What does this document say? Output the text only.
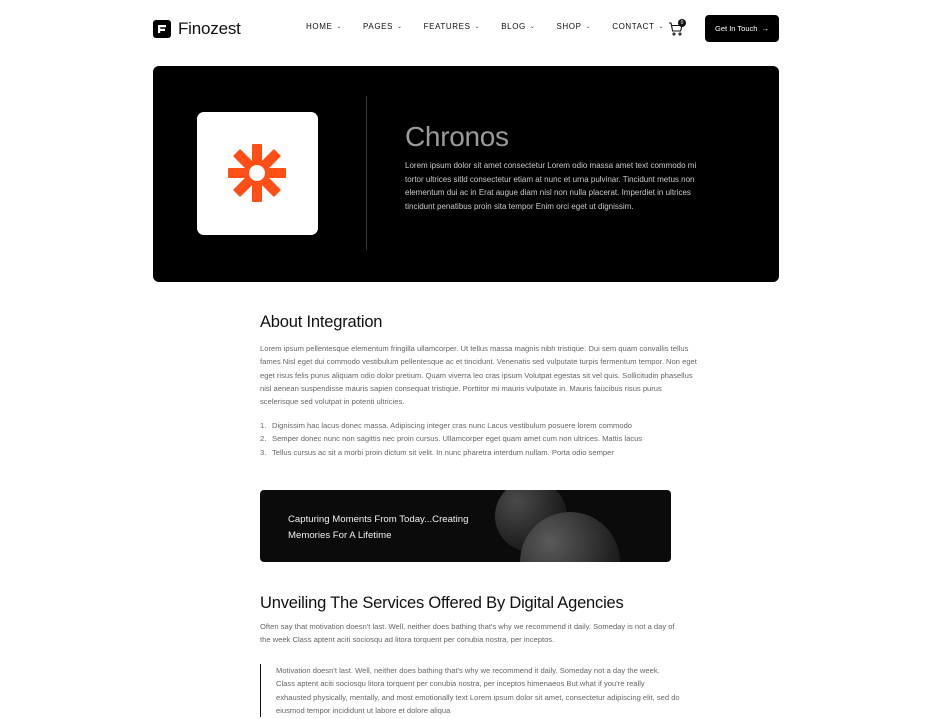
Finozest	HOME ⌄	PAGES ⌄	FEATURES ⌄	BLOG ⌄	SHOP ⌄	CONTACT ⌄
0
Get In Touch →
Chronos

Lorem ipsum dolor sit amet consectetur Lorem odio massa amet text commodo mi tortor ultrices sitld consectetur etiam at nunc et urna pulvinar. Tincidunt metus non elementum dui ac in Erat augue diam nisl non nulla placerat. Imperdiet in ultrices tincidunt penatibus proin sita tempor Enim orci eget ut dignissim.

About Integration

Lorem ipsum pellentesque elementum fringilla ullamcorper. Ut tellus massa magnis nibh tristique. Dui sem quam convallis tellus fames Nisl eget dui commodo vestibulum pellentesque ac et tincidunt. Venenatis sed vulputate turpis fermentum tempor. Non eget eget risus felis purus aliquam odio dolor pretium. Quam viverra leo cras ipsum Volutpat egestas sit vel quis. Sollicitudin phasellus nisl aenean suspendisse mauris sapien consequat tristique. Porttitor mi mauris vulputate in. Mauris faucibus risus purus scelerisque sed volutpat in potenti ultricies.

1. Dignissim hac lacus donec massa. Adipiscing integer cras nunc Lacus vestibulum posuere lorem commodo
2. Semper donec nunc non sagittis nec proin cursus. Ullamcorper eget quam amet cum non ultrices. Mattis lacus
3. Tellus cursus ac sit a morbi proin dictum sit velit. In nunc pharetra interdum nullam. Porta odio semper

Capturing Moments From Today...Creating Memories For A Lifetime

Unveiling The Services Offered By Digital Agencies

Often say that motivation doesn't last. Well, neither does bathing that's why we recommend it daily. Someday is not a day of the week Class aptent aciti sociosqu ad litora torquent per conubia nostra, per inceptos.

Motivation doesn't last. Well, neither does bathing that's why we recommend it daily. Someday not a day the week. Class aptent aciti sociosqu litora torquent per conubia nostra, per inceptos himenaeos But what if you're really exhausted physically, mentally, and most emotionally text Lorem ipsum dolor sit amet, consectetur adipiscing elit, sed do eiusmod tempor incididunt ut labore et dolore aliqua
